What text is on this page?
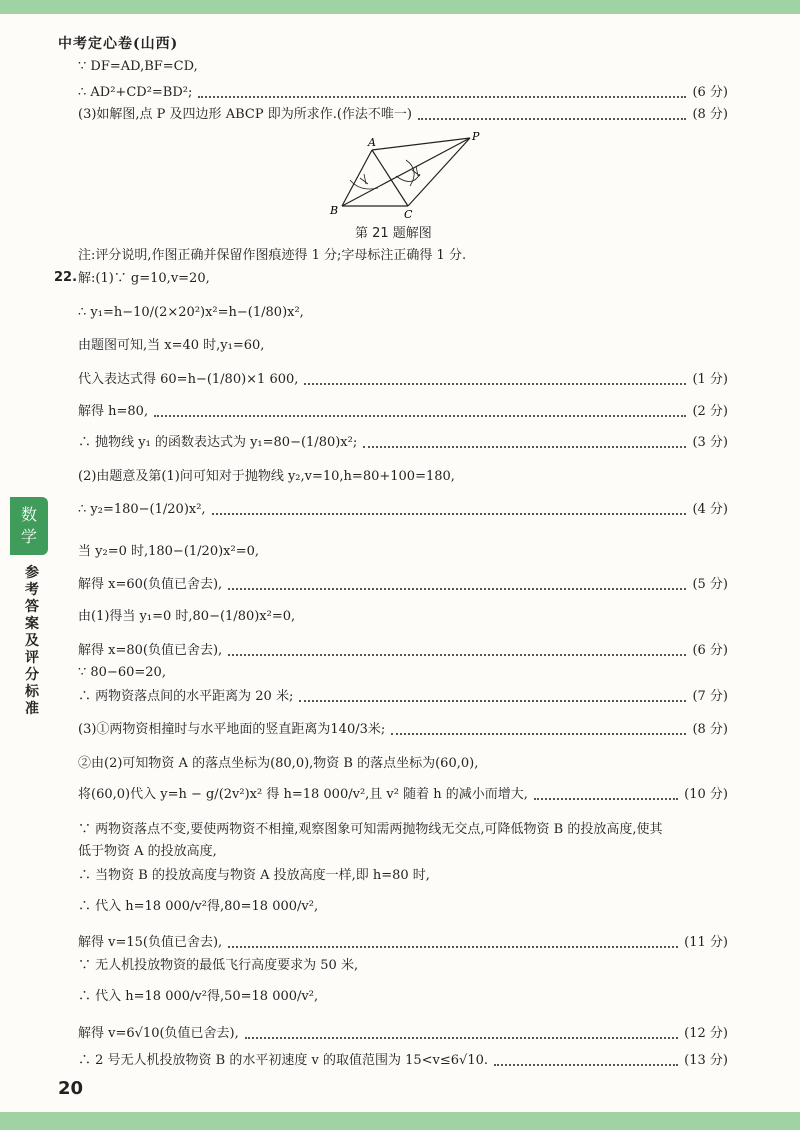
中考定心卷(山西)
数
学
参
考
答
案
及
评
分
标
准
A
B	C
P
第 21 题解图
∵ DF=AD,BF=CD,
∴ AD²+CD²=BD²;	(6 分)
(3)如解图,点 P 及四边形 ABCP 即为所求作.(作法不唯一)	(8 分)
注:评分说明,作图正确并保留作图痕迹得 1 分;字母标注正确得 1 分.
22. 解:(1)∵ g=10,v=20,
∴ y₁=h−10/(2×20²)x²=h−(1/80)x²,
由题图可知,当 x=40 时,y₁=60,
代入表达式得 60=h−(1/80)×1 600,	(1 分)
解得 h=80,	(2 分)
∴ 抛物线 y₁ 的函数表达式为 y₁=80−(1/80)x²;	(3 分)
(2)由题意及第(1)问可知对于抛物线 y₂,v=10,h=80+100=180,
∴ y₂=180−(1/20)x²,	(4 分)
当 y₂=0 时,180−(1/20)x²=0,
解得 x=60(负值已舍去),	(5 分)
由(1)得当 y₁=0 时,80−(1/80)x²=0,
解得 x=80(负值已舍去),	(6 分)
∵ 80−60=20,
∴ 两物资落点间的水平距离为 20 米;	(7 分)
(3)①两物资相撞时与水平地面的竖直距离为140/3米;	(8 分)
②由(2)可知物资 A 的落点坐标为(80,0),物资 B 的落点坐标为(60,0),
将(60,0)代入 y=h − g/(2v²)x² 得 h=18 000/v²,且 v² 随着 h 的减小而增大,	(10 分)
∵ 两物资落点不变,要使两物资不相撞,观察图象可知需两抛物线无交点,可降低物资 B 的投放高度,使其
低于物资 A 的投放高度,
∴ 当物资 B 的投放高度与物资 A 投放高度一样,即 h=80 时,
∴ 代入 h=18 000/v²得,80=18 000/v²,
解得 v=15(负值已舍去),	(11 分)
∵ 无人机投放物资的最低飞行高度要求为 50 米,
∴ 代入 h=18 000/v²得,50=18 000/v²,
解得 v=6√10(负值已舍去),	(12 分)
∴ 2 号无人机投放物资 B 的水平初速度 v 的取值范围为 15<v≤6√10.	(13 分)
20
